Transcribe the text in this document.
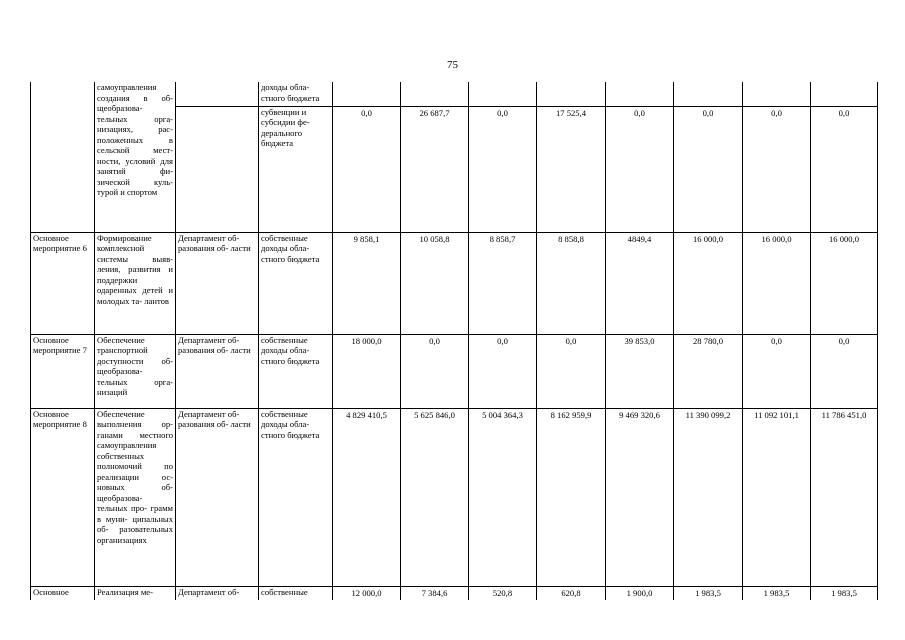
75
	самоуправления создания в об- щеобразова- тельных орга- низациях, рас- положенных в сельской мест- ности, условий для занятий фи- зической куль- турой и спортом		доходы обла- стного бюджета								
			субвенции и субсидии фе- дерального бюджета	0,0	26 687,7	0,0	17 525,4	0,0	0,0	0,0	0,0
Основное мероприятие 6	Формирование комплексной системы выяв- ления, развития и поддержки одаренных детей и молодых та- лантов	Департамент об- разования об- ласти	собственные доходы обла- стного бюджета	9 858,1	10 058,8	8 858,7	8 858,8	4849,4	16 000,0	16 000,0	16 000,0
Основное мероприятие 7	Обеспечение транспортной доступности об- щеобразова- тельных орга- низаций	Департамент об- разования об- ласти	собственные доходы обла- стного бюджета	18 000,0	0,0	0,0	0,0	39 853,0	28 780,0	0,0	0,0
Основное мероприятие 8	Обеспечение выполнения ор- ганами местного самоуправления собственных полномочий по реализации ос- новных об- щеобразова- тельных про- грамм в муни- ципальных об- разовательных организациях	Департамент об- разования об- ласти	собственные доходы обла- стного бюджета	4 829 410,5	5 625 846,0	5 004 364,3	8 162 959,9	9 469 320,6	11 390 099,2	11 092 101,1	11 786 451,0
Основное	Реализация ме-	Департамент об-	собственные	12 000,0	7 384,6	520,8	620,8	1 900,0	1 983,5	1 983,5	1 983,5
